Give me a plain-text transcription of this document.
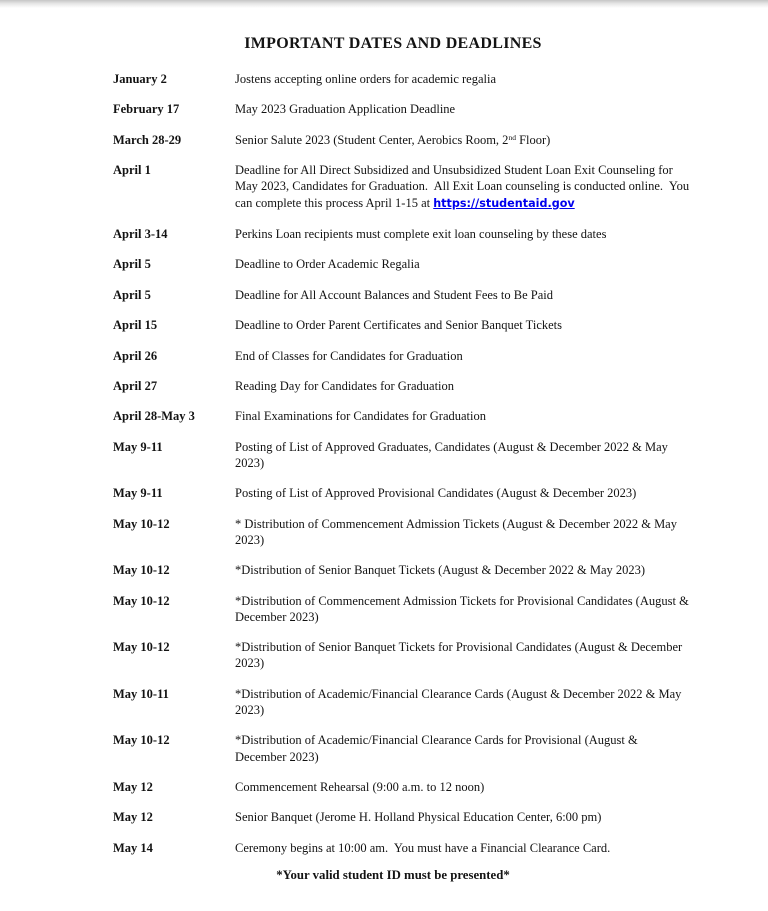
IMPORTANT DATES AND DEADLINES
January 2	Jostens accepting online orders for academic regalia
February 17	May 2023 Graduation Application Deadline
March 28-29	Senior Salute 2023 (Student Center, Aerobics Room, 2nd Floor)
April 1	Deadline for All Direct Subsidized and Unsubsidized Student Loan Exit Counseling for May 2023, Candidates for Graduation.  All Exit Loan counseling is conducted online.  You can complete this process April 1-15 at https://studentaid.gov
April 3-14	Perkins Loan recipients must complete exit loan counseling by these dates
April 5	Deadline to Order Academic Regalia
April 5	Deadline for All Account Balances and Student Fees to Be Paid
April 15	Deadline to Order Parent Certificates and Senior Banquet Tickets
April 26	End of Classes for Candidates for Graduation
April 27	Reading Day for Candidates for Graduation
April 28-May 3	Final Examinations for Candidates for Graduation
May 9-11	Posting of List of Approved Graduates, Candidates (August & December 2022 & May 2023)
May 9-11	Posting of List of Approved Provisional Candidates (August & December 2023)
May 10-12	* Distribution of Commencement Admission Tickets (August & December 2022 & May 2023)
May 10-12	*Distribution of Senior Banquet Tickets (August & December 2022 & May 2023)
May 10-12	*Distribution of Commencement Admission Tickets for Provisional Candidates (August & December 2023)
May 10-12	*Distribution of Senior Banquet Tickets for Provisional Candidates (August & December 2023)
May 10-11	*Distribution of Academic/Financial Clearance Cards (August & December 2022 & May 2023)
May 10-12	*Distribution of Academic/Financial Clearance Cards for Provisional (August & December 2023)
May 12	Commencement Rehearsal (9:00 a.m. to 12 noon)
May 12	Senior Banquet (Jerome H. Holland Physical Education Center, 6:00 pm)
May 14	Ceremony begins at 10:00 am.  You must have a Financial Clearance Card.
*Your valid student ID must be presented*
